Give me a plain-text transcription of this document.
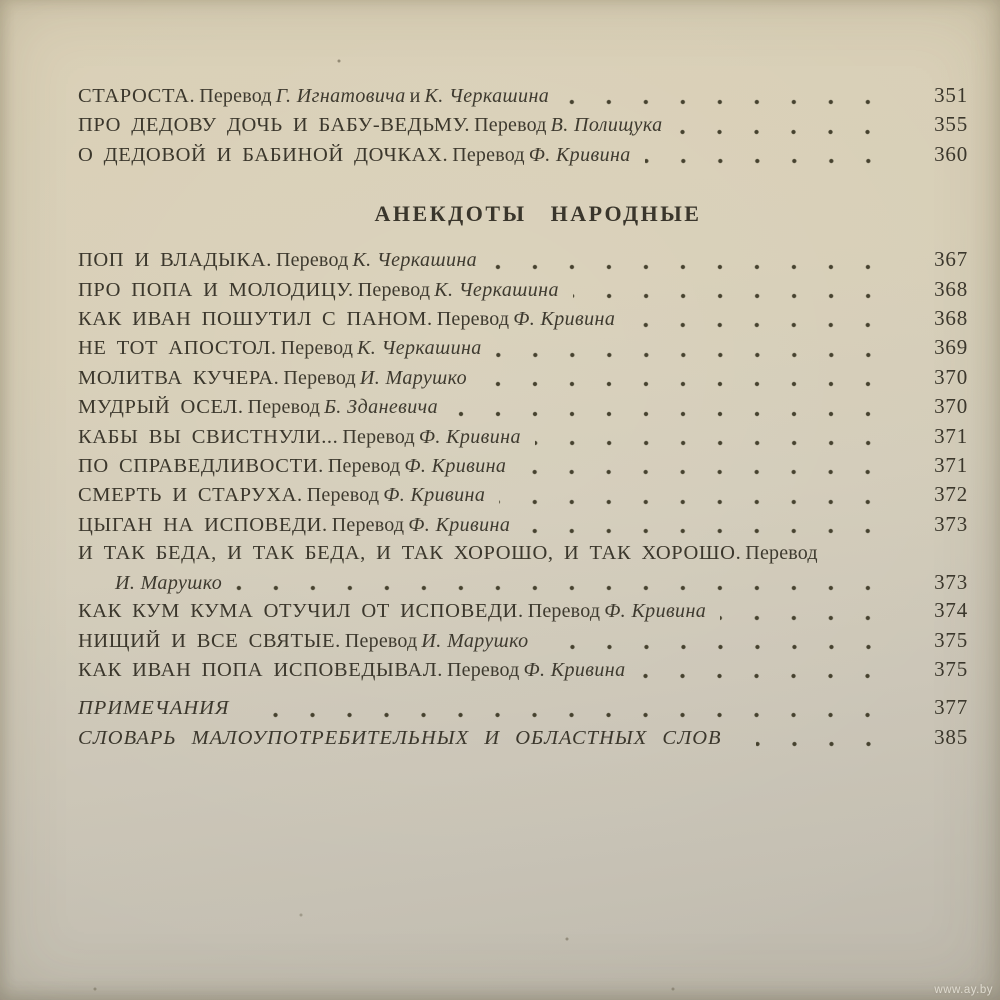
СТАРОСТА. Перевод Г. Игнатовича и К. Черкашина	351
ПРО ДЕДОВУ ДОЧЬ И БАБУ-ВЕДЬМУ. Перевод В. Полищука	355
О ДЕДОВОЙ И БАБИНОЙ ДОЧКАХ. Перевод Ф. Кривина	360
АНЕКДОТЫ НАРОДНЫЕ
ПОП И ВЛАДЫКА. Перевод К. Черкашина	367
ПРО ПОПА И МОЛОДИЦУ. Перевод К. Черкашина	368
КАК ИВАН ПОШУТИЛ С ПАНОМ. Перевод Ф. Кривина	368
НЕ ТОТ АПОСТОЛ. Перевод К. Черкашина	369
МОЛИТВА КУЧЕРА. Перевод И. Марушко	370
МУДРЫЙ ОСЕЛ. Перевод Б. Зданевича	370
КАБЫ ВЫ СВИСТНУЛИ... Перевод Ф. Кривина	371
ПО СПРАВЕДЛИВОСТИ. Перевод Ф. Кривина	371
СМЕРТЬ И СТАРУХА. Перевод Ф. Кривина	372
ЦЫГАН НА ИСПОВЕДИ. Перевод Ф. Кривина	373
И ТАК БЕДА, И ТАК БЕДА, И ТАК ХОРОШО, И ТАК ХОРОШО. Перевод
И. Марушко	373
КАК КУМ КУМА ОТУЧИЛ ОТ ИСПОВЕДИ. Перевод Ф. Кривина	374
НИЩИЙ И ВСЕ СВЯТЫЕ. Перевод И. Марушко	375
КАК ИВАН ПОПА ИСПОВЕДЫВАЛ. Перевод Ф. Кривина	375
ПРИМЕЧАНИЯ	377
СЛОВАРЬ МАЛОУПОТРЕБИТЕЛЬНЫХ И ОБЛАСТНЫХ СЛОВ	385
www.ay.by
